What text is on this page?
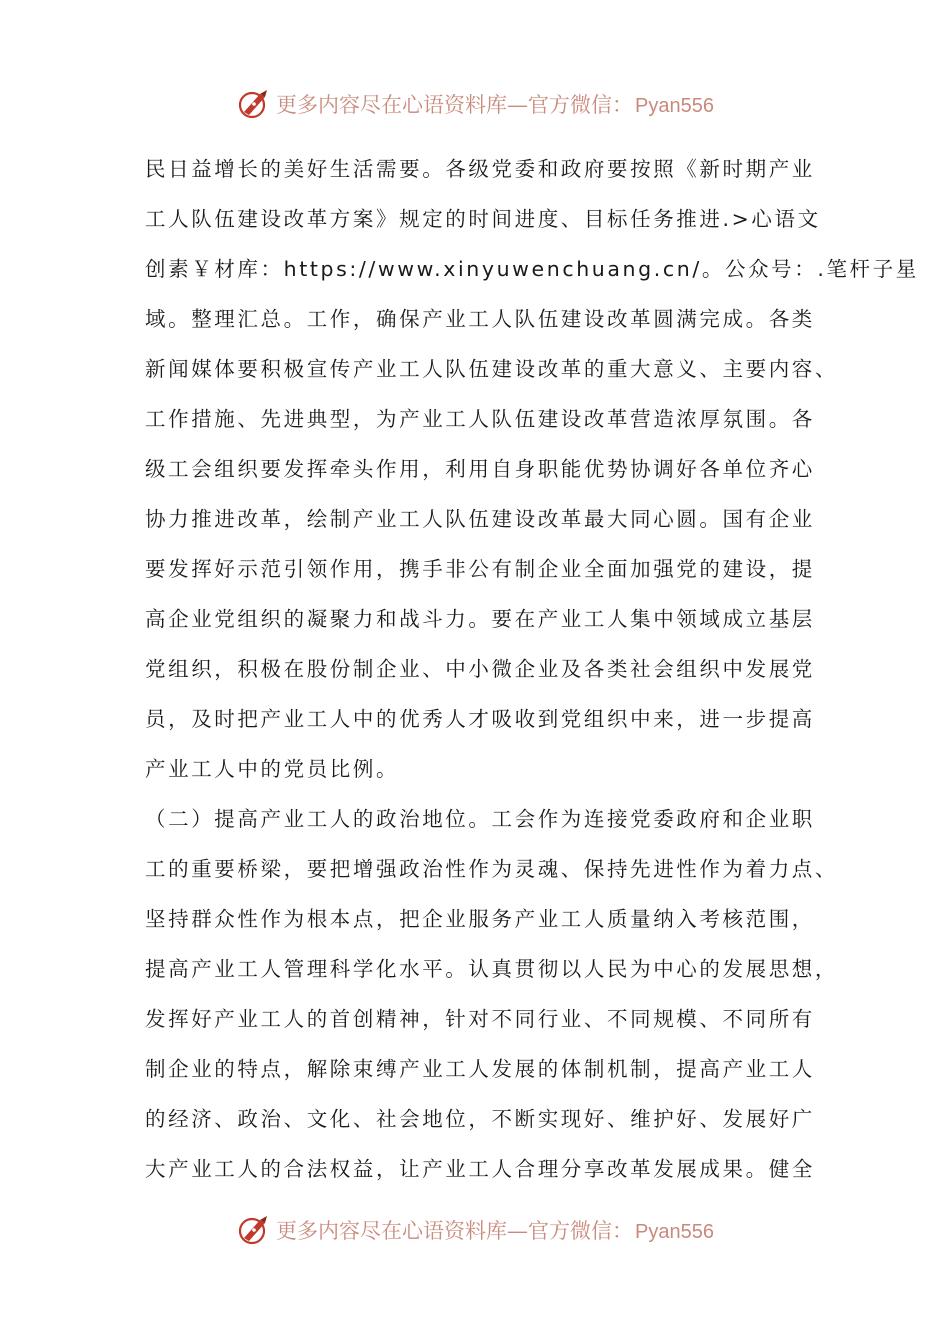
更多内容尽在心语资料库—官方微信： Pyan556
民日益增长的美好生活需要。各级党委和政府要按照《新时期产业
工人队伍建设改革方案》规定的时间进度、目标任务推进.>心语文
创素￥材库：https://www.xinyuwenchuang.cn/。公众号：.笔杆子星
域。整理汇总。工作，确保产业工人队伍建设改革圆满完成。各类
新闻媒体要积极宣传产业工人队伍建设改革的重大意义、主要内容、
工作措施、先进典型，为产业工人队伍建设改革营造浓厚氛围。各
级工会组织要发挥牵头作用，利用自身职能优势协调好各单位齐心
协力推进改革，绘制产业工人队伍建设改革最大同心圆。国有企业
要发挥好示范引领作用，携手非公有制企业全面加强党的建设，提
高企业党组织的凝聚力和战斗力。要在产业工人集中领域成立基层
党组织，积极在股份制企业、中小微企业及各类社会组织中发展党
员，及时把产业工人中的优秀人才吸收到党组织中来，进一步提高
产业工人中的党员比例。
（二）提高产业工人的政治地位。工会作为连接党委政府和企业职
工的重要桥梁，要把增强政治性作为灵魂、保持先进性作为着力点、
坚持群众性作为根本点，把企业服务产业工人质量纳入考核范围，
提高产业工人管理科学化水平。认真贯彻以人民为中心的发展思想，
发挥好产业工人的首创精神，针对不同行业、不同规模、不同所有
制企业的特点，解除束缚产业工人发展的体制机制，提高产业工人
的经济、政治、文化、社会地位，不断实现好、维护好、发展好广
大产业工人的合法权益，让产业工人合理分享改革发展成果。健全
更多内容尽在心语资料库—官方微信： Pyan556
